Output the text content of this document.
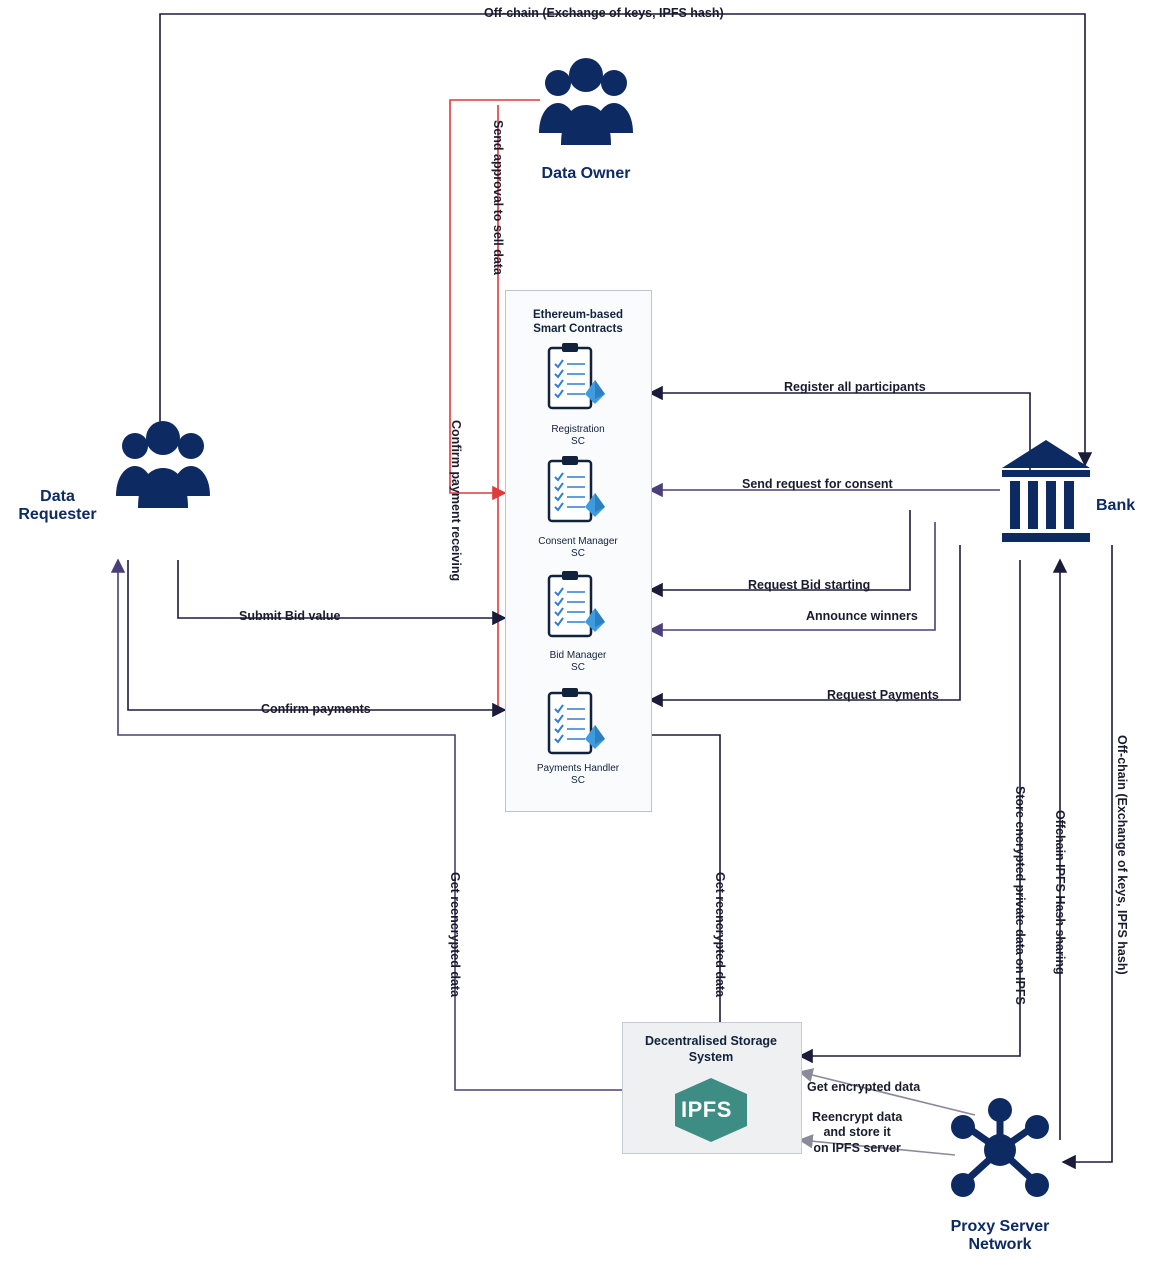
Data Owner
Data
Requester
Bank
Proxy Server
Network
Ethereum-based
Smart Contracts
Registration
SC
Consent Manager
SC
Bid Manager
SC
Payments Handler
SC
Decentralised Storage
System
IPFS
Off-chain (Exchange of keys, IPFS hash)
Send approval to sell data
Confirm payment receiving
Register all participants
Send request for consent
Request Bid starting
Announce winners
Submit Bid value
Request Payments
Confirm payments
Get reencrypted data	Get reencrypted data	Store encrypted private data on IPFS Offchain IPFS Hash sharing	Off-chain (Exchange of keys, IPFS hash)
Get encrypted data
Reencrypt data
and store it
on IPFS server
